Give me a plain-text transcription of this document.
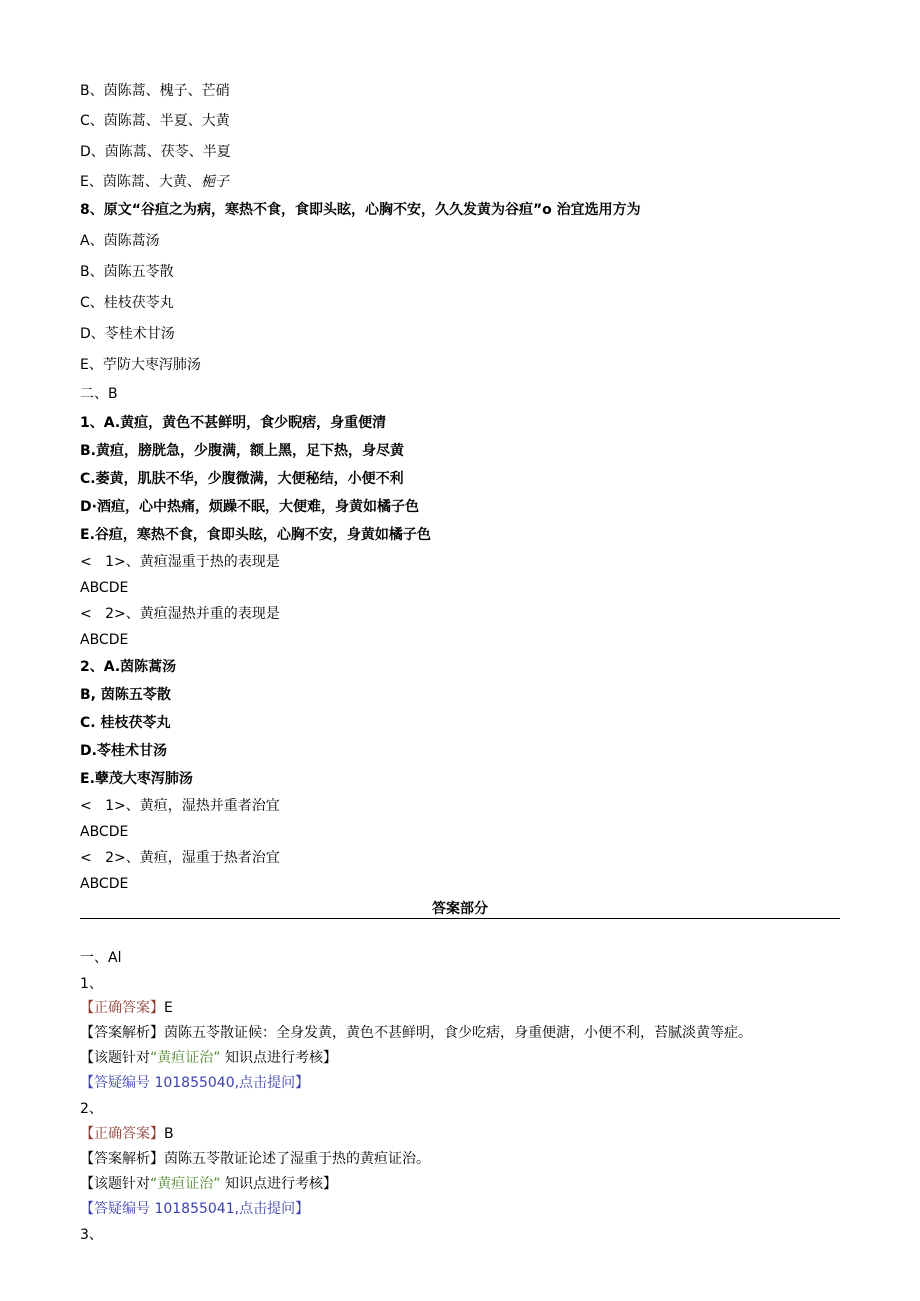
B、茵陈蒿、槐子、芒硝
C、茵陈蒿、半夏、大黄
D、茵陈蒿、茯苓、半夏
E、茵陈蒿、大黄、梔子
8、原文“谷疸之为病，寒热不食，食即头眩，心胸不安，久久发黄为谷疸”o 治宜选用方为
A、茵陈蒿汤
B、茵陈五苓散
C、桂枝茯苓丸
D、苓桂术甘汤
E、苧防大枣泻肺汤
二、B
1、A.黄疸，黄色不甚鲜明，食少睨痞，身重便清
B.黄疸，膀胱急，少腹满，额上黑，足下热，身尽黄
C.萎黄，肌肤不华，少腹微满，大便秘结，小便不利
D·酒疸，心中热痛，烦躁不眠，大便难，身黄如橘子色
E.谷疸，寒热不食，食即头眩，心胸不安，身黄如橘子色
<   1>、黄疸湿重于热的表现是
ABCDE
<   2>、黄疸湿热并重的表现是
ABCDE
2、A.茵陈蒿汤
B, 茵陈五苓散
C. 桂枝茯苓丸
D.苓桂术甘汤
E.孽茂大枣泻肺汤
<   1>、黄疸，湿热并重者治宜
ABCDE
<   2>、黄疸，湿重于热者治宜
ABCDE
答案部分
一、Al
1、
【正确答案】E
【答案解析】茵陈五苓散证候：全身发黄，黄色不甚鲜明，食少吃痞，身重便溏，小便不利，苔腻淡黄等症。
【该题针对“黄疸证治” 知识点进行考核】
【答疑编号 101855040,点击提问】
2、
【正确答案】B
【答案解析】茵陈五苓散证论述了湿重于热的黄疸证治。
【该题针对“黄疸证治” 知识点进行考核】
【答疑编号 101855041,点击提问】
3、
